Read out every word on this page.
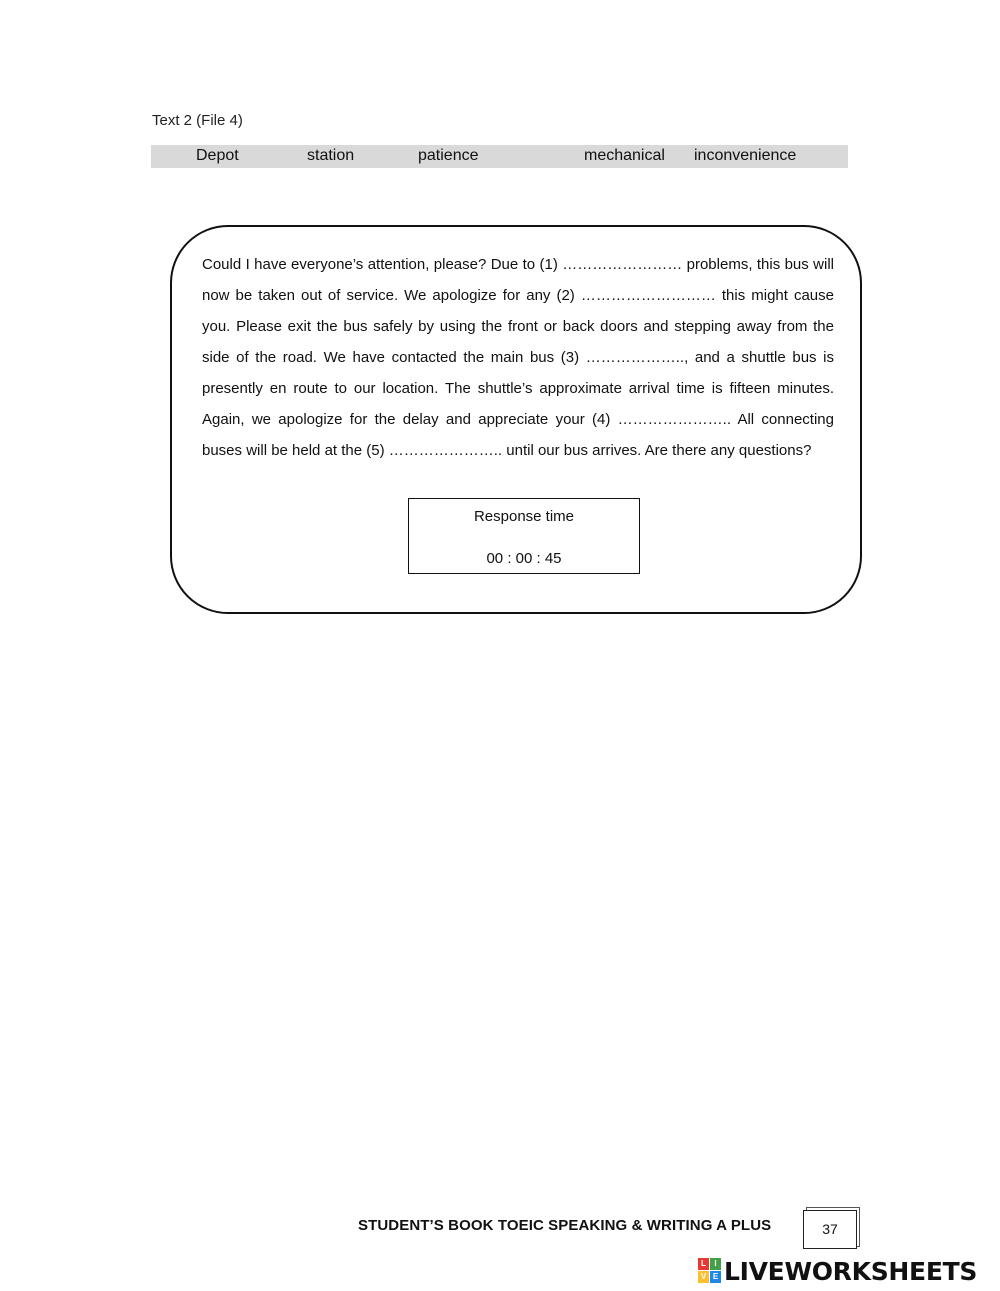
Text 2 (File 4)
Depot	station	patience	mechanical inconvenience

Could I have everyone’s attention, please? Due to (1) …………………… problems, this bus will now be taken out of service. We apologize for any (2) ……………………… this might cause you. Please exit the bus safely by using the front or back doors and stepping away from the side of the road. We have contacted the main bus (3) ……………….., and a shuttle bus is presently en route to our location. The shuttle’s approximate arrival time is fifteen minutes. Again, we apologize for the delay and appreciate your (4) ………………….. All connecting buses will be held at the (5) ………………….. until our bus arrives. Are there any questions?

Response time
00 : 00 : 45
STUDENT’S BOOK TOEIC SPEAKING & WRITING A PLUS	37
L	I
V E LIVEWORKSHEETS
